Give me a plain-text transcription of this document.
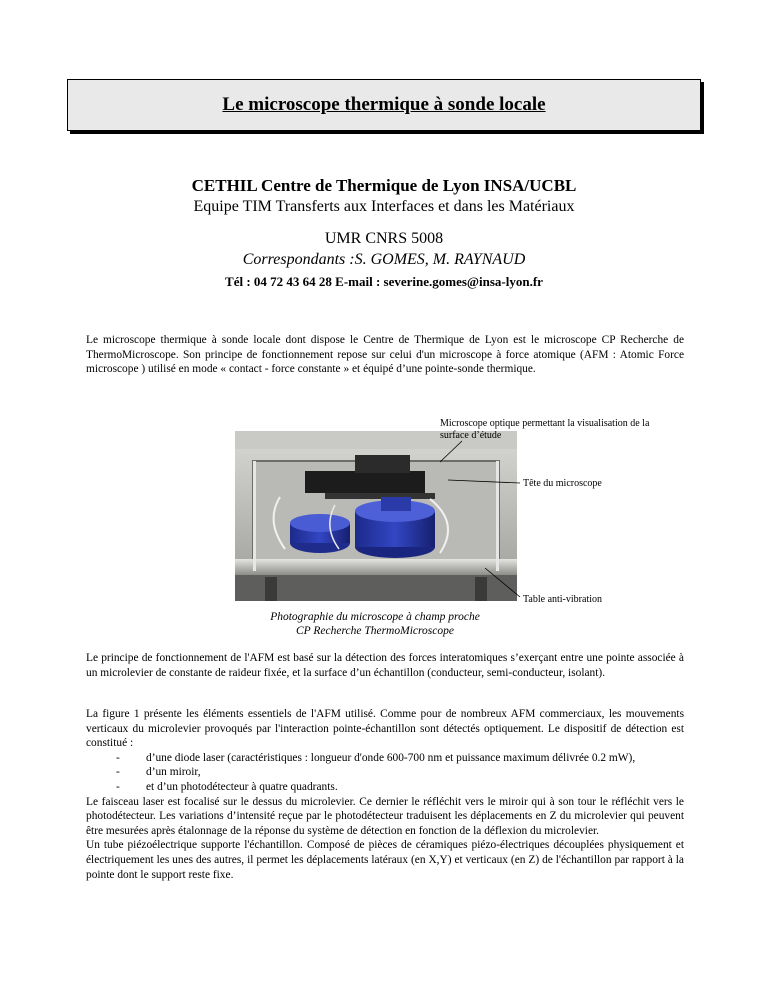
Le microscope thermique à sonde locale
CETHIL Centre de Thermique de Lyon INSA/UCBL
Equipe TIM Transferts aux Interfaces et dans les Matériaux
UMR CNRS 5008
Correspondants :S. GOMES, M. RAYNAUD
Tél : 04 72 43 64 28 E-mail : severine.gomes@insa-lyon.fr

Le microscope thermique à sonde locale dont dispose le Centre de Thermique de Lyon est le microscope CP Recherche de ThermoMicroscope. Son principe de fonctionnement repose sur celui d'un microscope à force atomique (AFM : Atomic Force microscope ) utilisé en mode « contact - force constante » et équipé d’une pointe-sonde thermique.

Microscope optique permettant la visualisation de la surface d’étude
Tête du microscope
Table anti-vibration
Photographie du microscope à champ proche
CP Recherche ThermoMicroscope

Le principe de fonctionnement de l'AFM est basé sur la détection des forces interatomiques s’exerçant entre une pointe associée à un microlevier de constante de raideur fixée, et la surface d’un échantillon (conducteur, semi-conducteur, isolant).

La figure 1 présente les éléments essentiels de l'AFM utilisé. Comme pour de nombreux AFM commerciaux, les mouvements verticaux du microlevier provoqués par l'interaction pointe-échantillon sont détectés optiquement. Le dispositif de détection est constitué :
- d’une diode laser (caractéristiques : longueur d'onde 600-700 nm et puissance maximum délivrée 0.2 mW),
- d’un miroir,
- et d’un photodétecteur à quatre quadrants.
Le faisceau laser est focalisé sur le dessus du microlevier. Ce dernier le réfléchit vers le miroir qui à son tour le réfléchit vers le photodétecteur. Les variations d’intensité reçue par le photodétecteur traduisent les déplacements en Z du microlevier qui peuvent être mesurées après étalonnage de la réponse du système de détection en fonction de la déflexion du microlevier.
Un tube piézoélectrique supporte l'échantillon. Composé de pièces de céramiques piézo-électriques découplées physiquement et électriquement les unes des autres, il permet les déplacements latéraux (en X,Y) et verticaux (en Z) de l'échantillon par rapport à la pointe dont le support reste fixe.
